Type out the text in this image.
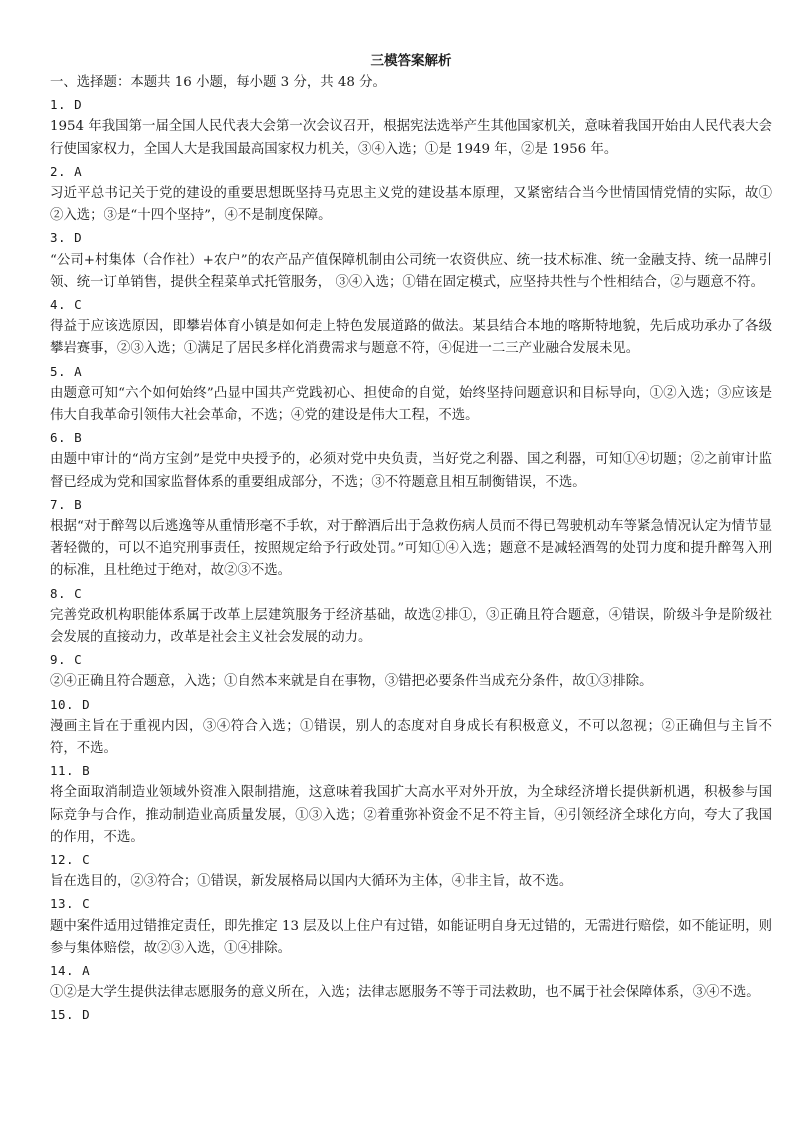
三模答案解析
一、选择题：本题共 16 小题，每小题 3 分，共 48 分。
1. D
1954 年我国第一届全国人民代表大会第一次会议召开，根据宪法选举产生其他国家机关，意味着我国开始由人民代表大会行使国家权力，全国人大是我国最高国家权力机关，③④入选；①是 1949 年，②是 1956 年。
2. A
习近平总书记关于党的建设的重要思想既坚持马克思主义党的建设基本原理，又紧密结合当今世情国情党情的实际，故①②入选；③是“十四个坚持”，④不是制度保障。
3. D
“公司+村集体（合作社）+农户”的农产品产值保障机制由公司统一农资供应、统一技术标准、统一金融支持、统一品牌引领、统一订单销售，提供全程菜单式托管服务， ③④入选；①错在固定模式，应坚持共性与个性相结合，②与题意不符。
4. C
得益于应该选原因，即攀岩体育小镇是如何走上特色发展道路的做法。某县结合本地的喀斯特地貌，先后成功承办了各级攀岩赛事，②③入选；①满足了居民多样化消费需求与题意不符，④促进一二三产业融合发展未见。
5. A
由题意可知“六个如何始终”凸显中国共产党践初心、担使命的自觉，始终坚持问题意识和目标导向，①②入选；③应该是伟大自我革命引领伟大社会革命，不选；④党的建设是伟大工程，不选。
6. B
由题中审计的“尚方宝剑”是党中央授予的，必须对党中央负责，当好党之利器、国之利器，可知①④切题；②之前审计监督已经成为党和国家监督体系的重要组成部分，不选；③不符题意且相互制衡错误，不选。
7. B
根据“对于醉驾以后逃逸等从重情形毫不手软，对于醉酒后出于急救伤病人员而不得已驾驶机动车等紧急情况认定为情节显著轻微的，可以不追究刑事责任，按照规定给予行政处罚。”可知①④入选；题意不是减轻酒驾的处罚力度和提升醉驾入刑的标准，且杜绝过于绝对，故②③不选。
8. C
完善党政机构职能体系属于改革上层建筑服务于经济基础，故选②排①，③正确且符合题意，④错误，阶级斗争是阶级社会发展的直接动力，改革是社会主义社会发展的动力。
9. C
②④正确且符合题意，入选；①自然本来就是自在事物，③错把必要条件当成充分条件，故①③排除。
10. D
漫画主旨在于重视内因，③④符合入选；①错误，别人的态度对自身成长有积极意义，不可以忽视；②正确但与主旨不符，不选。
11. B
将全面取消制造业领域外资准入限制措施，这意味着我国扩大高水平对外开放，为全球经济增长提供新机遇，积极参与国际竞争与合作，推动制造业高质量发展，①③入选；②着重弥补资金不足不符主旨，④引领经济全球化方向，夸大了我国的作用，不选。
12. C
旨在选目的，②③符合；①错误，新发展格局以国内大循环为主体，④非主旨，故不选。
13. C
题中案件适用过错推定责任，即先推定 13 层及以上住户有过错，如能证明自身无过错的，无需进行赔偿，如不能证明，则参与集体赔偿，故②③入选，①④排除。
14. A
①②是大学生提供法律志愿服务的意义所在，入选；法律志愿服务不等于司法救助，也不属于社会保障体系，③④不选。
15. D
